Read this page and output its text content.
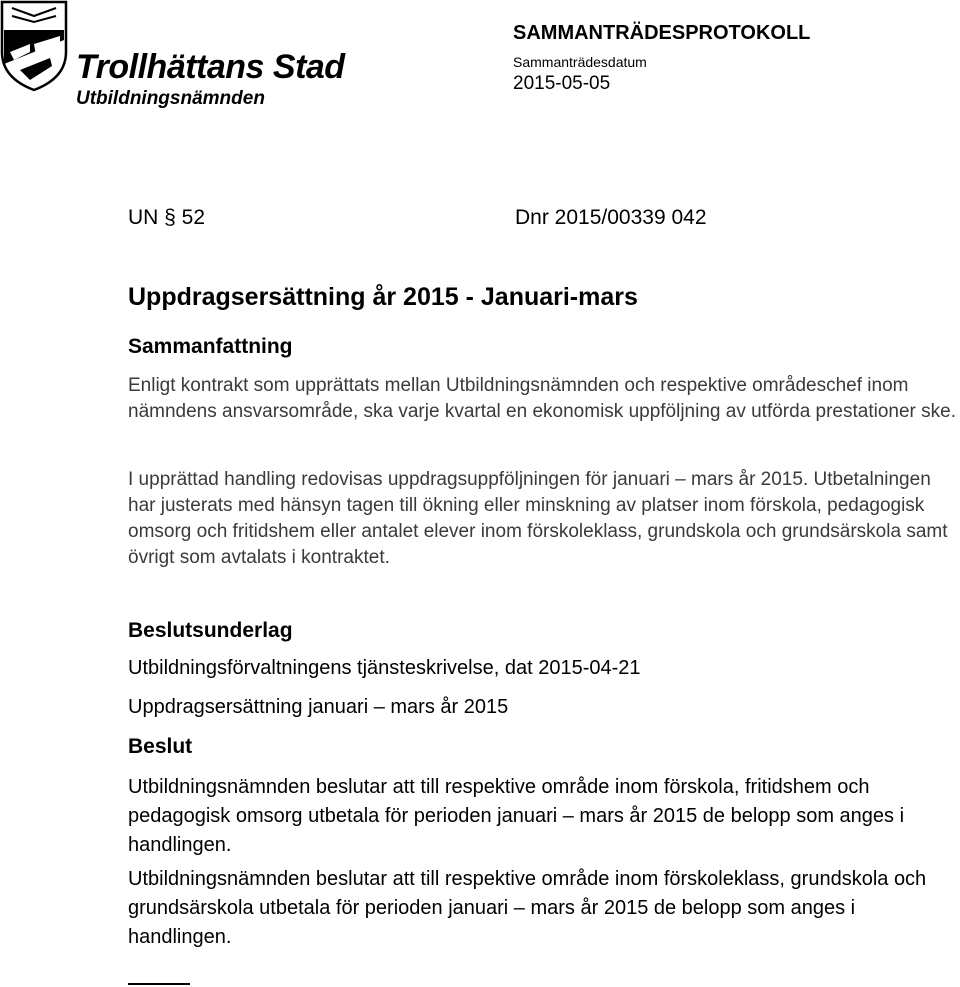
Trollhättans Stad
Utbildningsnämnden
SAMMANTRÄDESPROTOKOLL
Sammanträdesdatum
2015-05-05
UN § 52	Dnr 2015/00339 042
Uppdragsersättning år 2015 - Januari-mars
Sammanfattning
Enligt kontrakt som upprättats mellan Utbildningsnämnden och respektive områdeschef inom nämndens ansvarsområde, ska varje kvartal en ekonomisk uppföljning av utförda prestationer ske.
I upprättad handling redovisas uppdragsuppföljningen för januari – mars år 2015. Utbetalningen har justerats med hänsyn tagen till ökning eller minskning av platser inom förskola, pedagogisk omsorg och fritidshem eller antalet elever inom förskoleklass, grundskola och grundsärskola samt övrigt som avtalats i kontraktet.
Beslutsunderlag
Utbildningsförvaltningens tjänsteskrivelse, dat 2015-04-21
Uppdragsersättning januari – mars år 2015
Beslut
Utbildningsnämnden beslutar att till respektive område inom förskola, fritidshem och pedagogisk omsorg utbetala för perioden januari – mars år 2015 de belopp som anges i handlingen.
Utbildningsnämnden beslutar att till respektive område inom förskoleklass, grundskola och grundsärskola utbetala för perioden januari – mars år 2015 de belopp som anges i handlingen.
